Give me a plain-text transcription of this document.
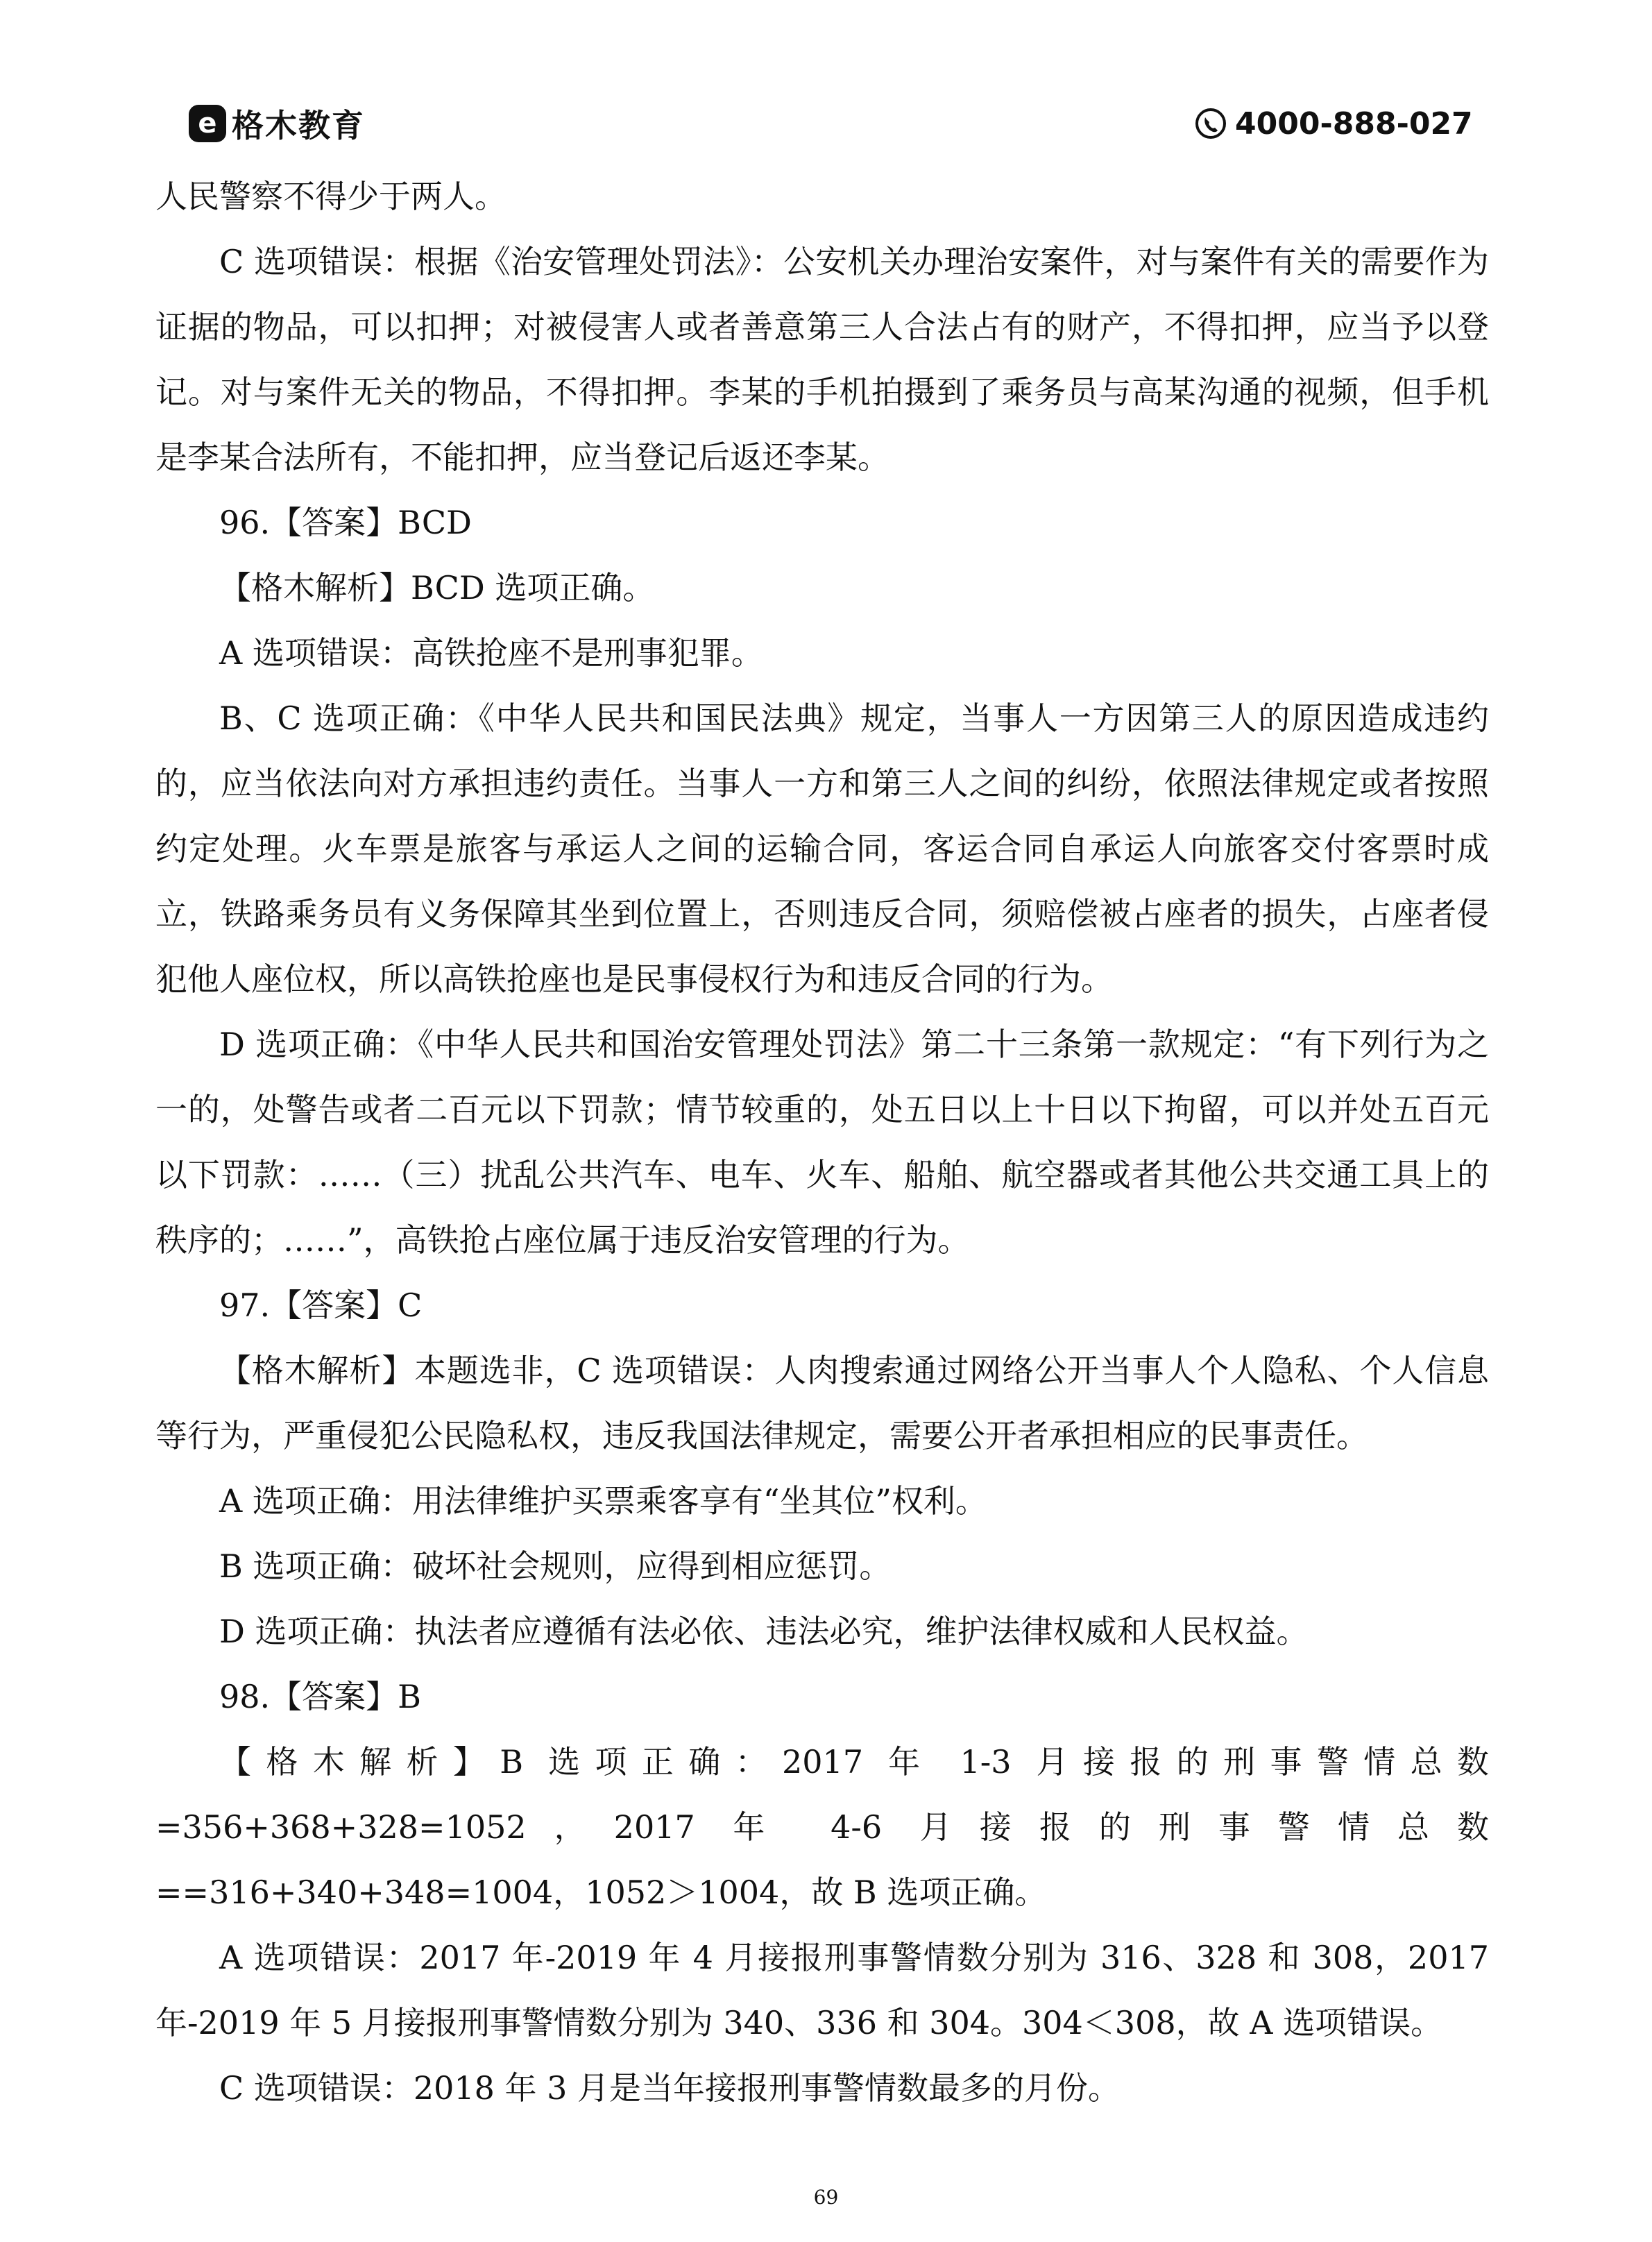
e 格木教育	4000-888-027

人民警察不得少于两人。

C 选项错误：根据《治安管理处罚法》：公安机关办理治安案件，对与案件有关的需要作为证据的物品，可以扣押；对被侵害人或者善意第三人合法占有的财产，不得扣押，应当予以登记。对与案件无关的物品，不得扣押。李某的手机拍摄到了乘务员与高某沟通的视频，但手机是李某合法所有，不能扣押，应当登记后返还李某。

96.【答案】BCD

【格木解析】BCD 选项正确。

A 选项错误：高铁抢座不是刑事犯罪。

B、C 选项正确：《中华人民共和国民法典》规定，当事人一方因第三人的原因造成违约的，应当依法向对方承担违约责任。当事人一方和第三人之间的纠纷，依照法律规定或者按照约定处理。火车票是旅客与承运人之间的运输合同，客运合同自承运人向旅客交付客票时成立，铁路乘务员有义务保障其坐到位置上，否则违反合同，须赔偿被占座者的损失，占座者侵犯他人座位权，所以高铁抢座也是民事侵权行为和违反合同的行为。

D 选项正确：《中华人民共和国治安管理处罚法》第二十三条第一款规定：“有下列行为之一的，处警告或者二百元以下罚款；情节较重的，处五日以上十日以下拘留，可以并处五百元以下罚款：……（三）扰乱公共汽车、电车、火车、船舶、航空器或者其他公共交通工具上的秩序的；……”，高铁抢占座位属于违反治安管理的行为。

97.【答案】C

【格木解析】本题选非，C 选项错误：人肉搜索通过网络公开当事人个人隐私、个人信息等行为，严重侵犯公民隐私权，违反我国法律规定，需要公开者承担相应的民事责任。

A 选项正确：用法律维护买票乘客享有“坐其位”权利。

B 选项正确：破坏社会规则，应得到相应惩罚。

D 选项正确：执法者应遵循有法必依、违法必究，维护法律权威和人民权益。

98.【答案】B

【格木解析】B 选项正确：2017 年 1-3 月接报的刑事警情总数=356+368+328=1052，2017 年 4-6 月接报的刑事警情总数==316+340+348=1004，1052＞1004，故 B 选项正确。

A 选项错误：2017 年-2019 年 4 月接报刑事警情数分别为 316、328 和 308，2017 年-2019 年 5 月接报刑事警情数分别为 340、336 和 304。304＜308，故 A 选项错误。

C 选项错误：2018 年 3 月是当年接报刑事警情数最多的月份。

69
